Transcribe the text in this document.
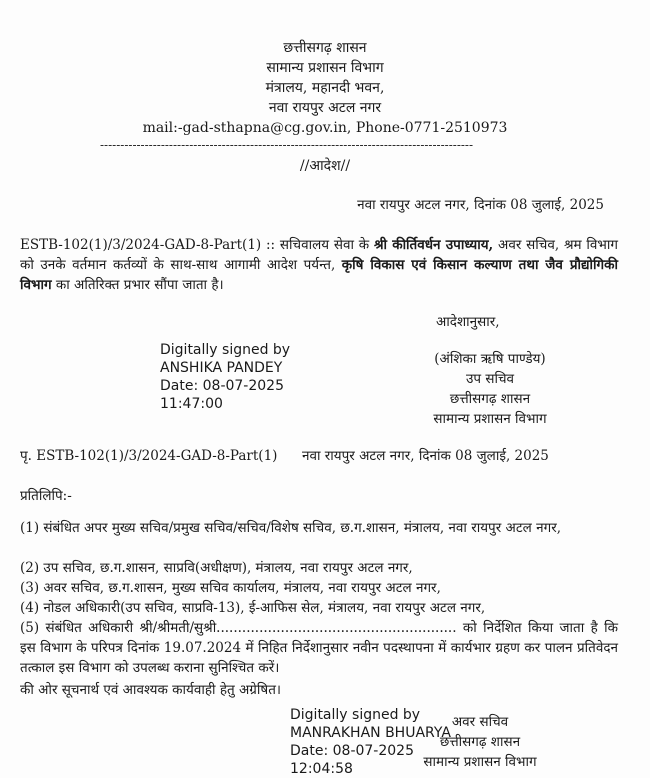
छत्तीसगढ़ शासन
सामान्य प्रशासन विभाग
मंत्रालय, महानदी भवन,
नवा रायपुर अटल नगर
mail:-gad-sthapna@cg.gov.in, Phone-0771-2510973
--------------------------------------------------------------------------------------------
//आदेश//
नवा रायपुर अटल नगर, दिनांक 08 जुलाई, 2025
ESTB-102(1)/3/2024-GAD-8-Part(1) :: सचिवालय सेवा के श्री कीर्तिवर्धन उपाध्याय, अवर सचिव, श्रम विभाग को उनके वर्तमान कर्तव्यों के साथ-साथ आगामी आदेश पर्यन्त, कृषि विकास एवं किसान कल्याण तथा जैव प्रौद्योगिकी विभाग का अतिरिक्त प्रभार सौंपा जाता है।
आदेशानुसार,
Digitally signed by
ANSHIKA PANDEY
Date: 08-07-2025
11:47:00
(अंशिका ऋषि पाण्डेय)
उप सचिव
छत्तीसगढ़ शासन
सामान्य प्रशासन विभाग
पृ. ESTB-102(1)/3/2024-GAD-8-Part(1) नवा रायपुर अटल नगर, दिनांक 08 जुलाई, 2025
प्रतिलिपि:-
(1) संबंधित अपर मुख्य सचिव/प्रमुख सचिव/सचिव/विशेष सचिव, छ.ग.शासन, मंत्रालय, नवा रायपुर अटल नगर,
(2) उप सचिव, छ.ग.शासन, साप्रवि(अधीक्षण), मंत्रालय, नवा रायपुर अटल नगर,
(3) अवर सचिव, छ.ग.शासन, मुख्य सचिव कार्यालय, मंत्रालय, नवा रायपुर अटल नगर,
(4) नोडल अधिकारी(उप सचिव, साप्रवि-13), ई-आफिस सेल, मंत्रालय, नवा रायपुर अटल नगर,
(5) संबंधित अधिकारी श्री/श्रीमती/सुश्री........................................................ को निर्देशित किया जाता है कि इस विभाग के परिपत्र दिनांक 19.07.2024 में निहित निर्देशानुसार नवीन पदस्थापना में कार्यभार ग्रहण कर पालन प्रतिवेदन तत्काल इस विभाग को उपलब्ध कराना सुनिश्चित करें।
की ओर सूचनार्थ एवं आवश्यक कार्यवाही हेतु अग्रेषित।
Digitally signed by
MANRAKHAN BHUARYA
Date: 08-07-2025
12:04:58
अवर सचिव
छत्तीसगढ़ शासन
सामान्य प्रशासन विभाग
